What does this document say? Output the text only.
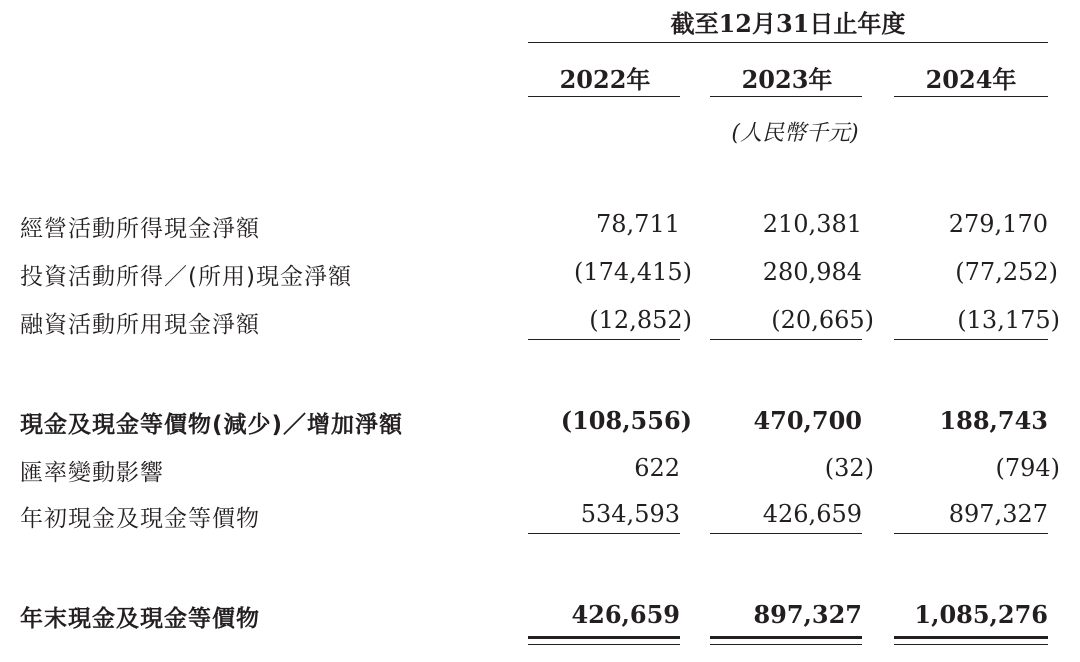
截至12月31日止年度
2022年	2023年	2024年
(人民幣千元)
經營活動所得現金淨額	78,711	210,381	279,170
投資活動所得／(所用)現金淨額	(174,415)	280,984	(77,252)
融資活動所用現金淨額	(12,852)	(20,665)	(13,175)
現金及現金等價物(減少)／增加淨額	(108,556)	470,700	188,743
匯率變動影響	622	(32)	(794)
年初現金及現金等價物	534,593	426,659	897,327
年末現金及現金等價物	426,659	897,327	1,085,276
